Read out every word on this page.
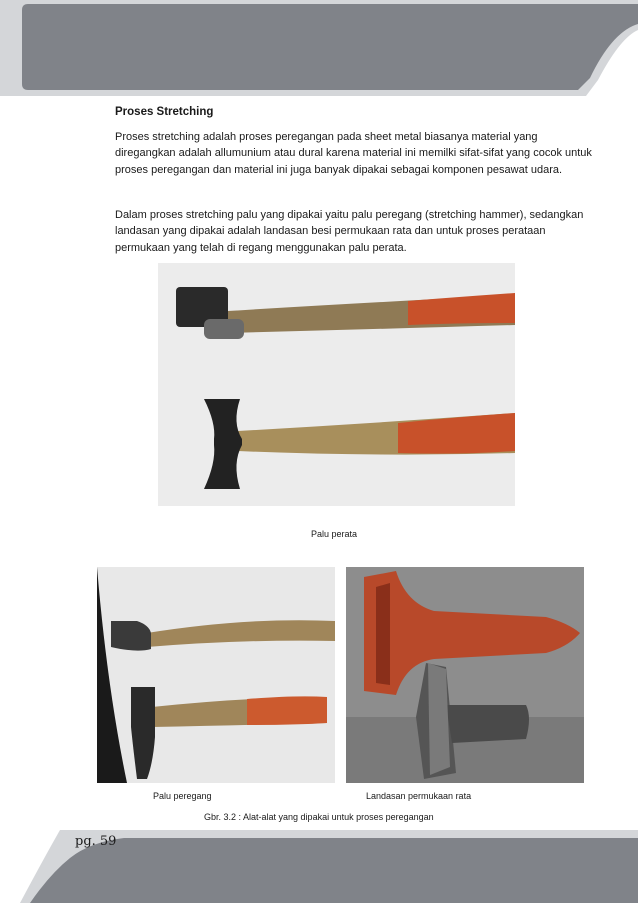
Proses Stretching

Proses stretching adalah proses peregangan pada sheet metal biasanya material yang diregangkan adalah allumunium atau dural karena material ini memilki sifat-sifat yang cocok untuk proses peregangan dan material ini juga banyak dipakai sebagai komponen pesawat udara.

Dalam proses stretching palu yang dipakai yaitu palu peregang (stretching hammer), sedangkan landasan yang dipakai adalah landasan besi permukaan rata dan untuk proses perataan permukaan yang telah di regang menggunakan palu perata.

Palu perata

Palu peregang	Landasan permukaan rata

Gbr. 3.2 : Alat-alat yang dipakai untuk proses peregangan

pg. 59
